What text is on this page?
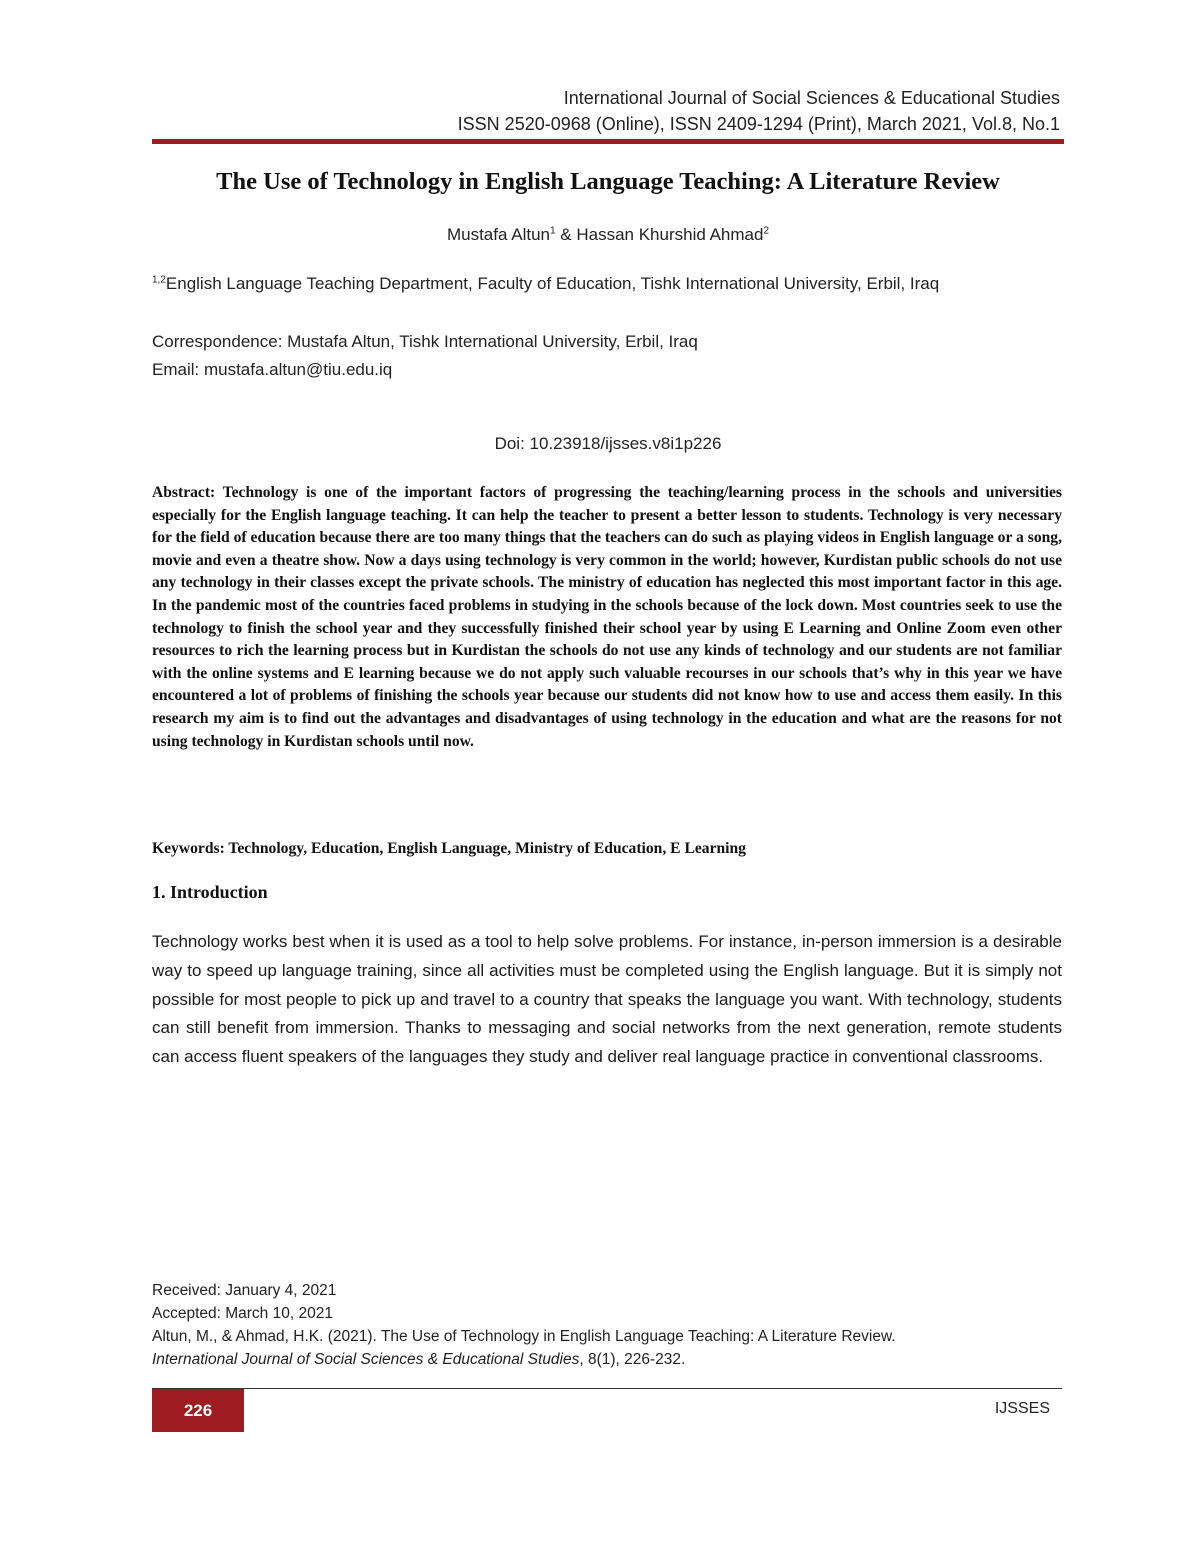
International Journal of Social Sciences & Educational Studies
ISSN 2520-0968 (Online), ISSN 2409-1294 (Print), March 2021, Vol.8, No.1
The Use of Technology in English Language Teaching: A Literature Review
Mustafa Altun$^1$ & Hassan Khurshid Ahmad$^2$
$^{1,2}$English Language Teaching Department, Faculty of Education, Tishk International University, Erbil, Iraq
Correspondence: Mustafa Altun, Tishk International University, Erbil, Iraq
Email: mustafa.altun@tiu.edu.iq
Doi: 10.23918/ijsses.v8i1p226
Abstract: Technology is one of the important factors of progressing the teaching/learning process in the schools and universities especially for the English language teaching. It can help the teacher to present a better lesson to students. Technology is very necessary for the field of education because there are too many things that the teachers can do such as playing videos in English language or a song, movie and even a theatre show. Now a days using technology is very common in the world; however, Kurdistan public schools do not use any technology in their classes except the private schools. The ministry of education has neglected this most important factor in this age. In the pandemic most of the countries faced problems in studying in the schools because of the lock down. Most countries seek to use the technology to finish the school year and they successfully finished their school year by using E Learning and Online Zoom even other resources to rich the learning process but in Kurdistan the schools do not use any kinds of technology and our students are not familiar with the online systems and E learning because we do not apply such valuable recourses in our schools that’s why in this year we have encountered a lot of problems of finishing the schools year because our students did not know how to use and access them easily. In this research my aim is to find out the advantages and disadvantages of using technology in the education and what are the reasons for not using technology in Kurdistan schools until now.
Keywords: Technology, Education, English Language, Ministry of Education, E Learning
1. Introduction
Technology works best when it is used as a tool to help solve problems. For instance, in-person immersion is a desirable way to speed up language training, since all activities must be completed using the English language. But it is simply not possible for most people to pick up and travel to a country that speaks the language you want. With technology, students can still benefit from immersion. Thanks to messaging and social networks from the next generation, remote students can access fluent speakers of the languages they study and deliver real language practice in conventional classrooms.
Received: January 4, 2021
Accepted: March 10, 2021
Altun, M., & Ahmad, H.K. (2021). The Use of Technology in English Language Teaching: A Literature Review.
International Journal of Social Sciences & Educational Studies, 8(1), 226-232.
226	IJSSES
